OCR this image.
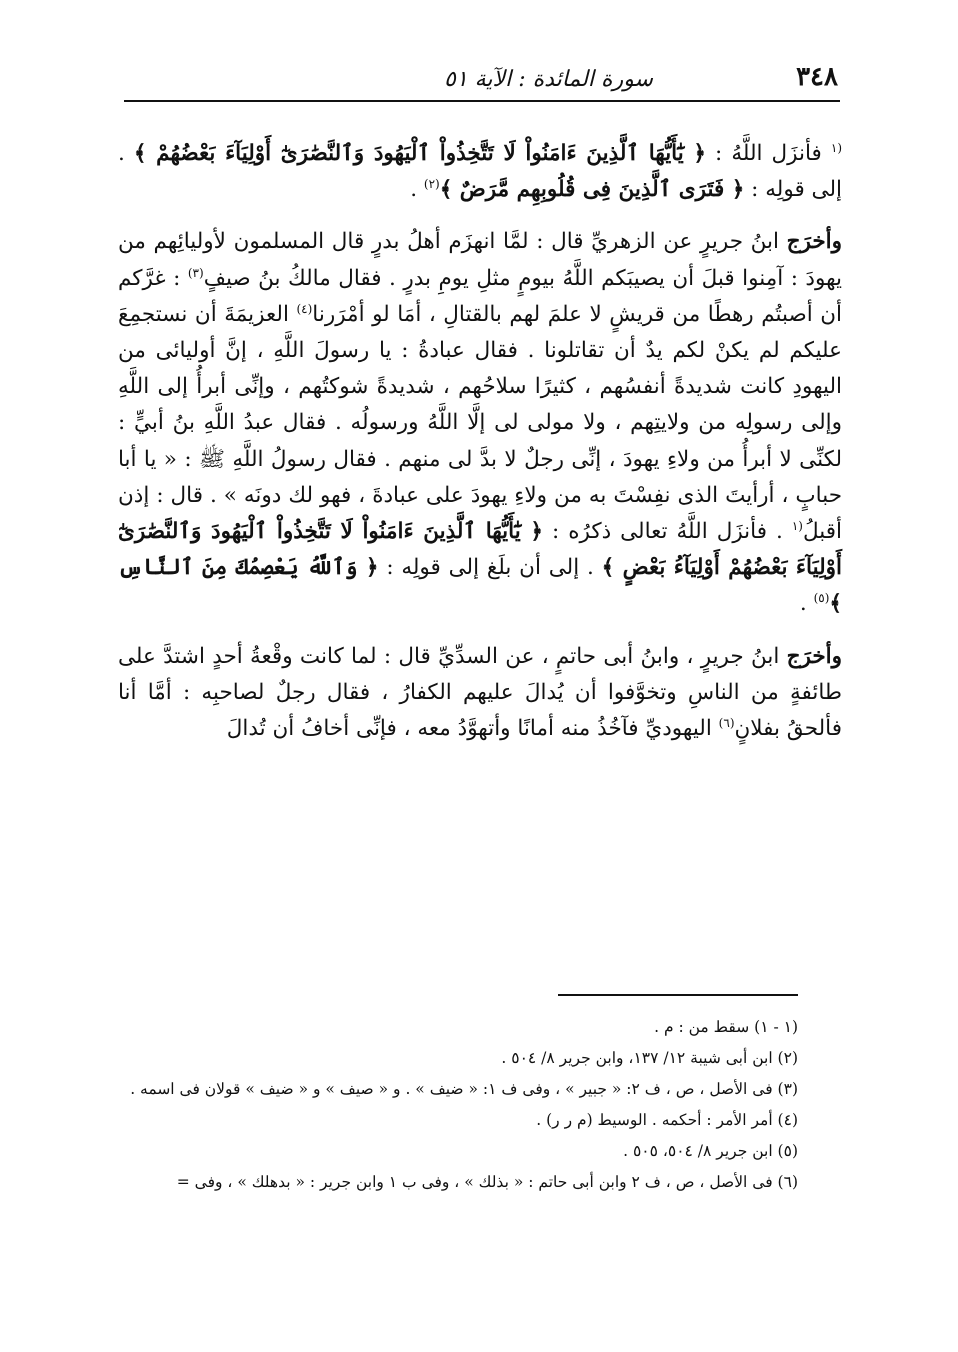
٣٤٨
سورة المائدة : الآية ٥١

$^{(١}$ فأنزَل اللَّهُ : ﴿ يَٰٓأَيُّهَا ٱلَّذِينَ ءَامَنُواْ لَا تَتَّخِذُواْ ٱلْيَهُودَ وَٱلنَّصَٰرَىٰٓ أَوْلِيَآءَ بَعْضُهُمْ ﴾ . إلى قولِه : ﴿ فَتَرَى ٱلَّذِينَ فِى قُلُوبِهِم مَّرَضٌ ﴾$^{(٢)}$ .

وأخرَج ابنُ جريرٍ عن الزهريِّ قال : لمَّا انهزَم أهلُ بدرٍ قال المسلمون لأوليائِهم من يهودَ : آمِنوا قبلَ أن يصيبَكم اللَّهُ بيومٍ مثلِ يومِ بدرٍ . فقال مالكُ بنُ صيفٍ$^{(٣)}$ : غرَّكم أن أصبتُم رهطًا من قريشٍ لا علمَ لهم بالقتالِ ، أمَا لو أمْرَرنا$^{(٤)}$ العزيمَةَ أن نستجمِعَ عليكم لم يكنْ لكم يدٌ أن تقاتلونا . فقال عبادةُ : يا رسولَ اللَّهِ ، إنَّ أوليائى من اليهودِ كانت شديدةً أنفسُهم ، كثيرًا سلاحُهم ، شديدةً شوكتُهم ، وإنِّى أبرأُ إلى اللَّهِ وإلى رسولِه من ولايتِهم ، ولا مولى لى إلَّا اللَّهُ ورسولُه . فقال عبدُ اللَّهِ بنُ أبيٍّ : لكنِّى لا أبرأُ من ولاءِ يهودَ ، إنِّى رجلٌ لا بدَّ لى منهم . فقال رسولُ اللَّهِ ﷺ : « يا أبا حبابٍ ، أرأيتَ الذى نفِسْتَ به من ولاءِ يهودَ على عبادةَ ، فهو لك دونَه » . قال : إذن أقبلُ$^{(١}$ . فأنزَل اللَّهُ تعالى ذكرُه : ﴿ يَٰٓأَيُّهَا ٱلَّذِينَ ءَامَنُواْ لَا تَتَّخِذُواْ ٱلْيَهُودَ وَٱلنَّصَٰرَىٰٓ أَوْلِيَآءَ بَعْضُهُمْ أَوْلِيَآءُ بَعْضٍ ﴾ . إلى أن بلَغ إلى قولِه : ﴿ وَٱللَّهُ يَعْصِمُكَ مِنَ ٱلنَّاسِ ﴾$^{(٥)}$ .

وأخرَج ابنُ جريرٍ ، وابنُ أبى حاتمٍ ، عن السدِّيِّ قال : لما كانت وقْعةُ أحدٍ اشتدَّ على طائفةٍ من الناسِ وتخوَّفوا أن يُدالَ عليهم الكفارُ ، فقال رجلٌ لصاحبِه : أمَّا أنا فألحقُ بفلانٍ$^{(٦)}$ اليهوديِّ فآخُذُ منه أمانًا وأتهوَّدُ معه ، فإنِّى أخافُ أن تُدالَ

(١ - ١) سقط من : م .
(٢) ابن أبى شيبة ١٢/ ١٣٧، وابن جرير ٨/ ٥٠٤ .
(٣) فى الأصل ، ص ، ف ٢: « جبير » ، وفى ف ١: « ضيف » . و « صيف » و « ضيف » قولان فى اسمه .
(٤) أمر الأمر : أحكمه . الوسيط (م ر ر) .
(٥) ابن جرير ٨/ ٥٠٤، ٥٠٥ .
(٦) فى الأصل ، ص ، ف ٢ وابن أبى حاتم : « بذلك » ، وفى ب ١ وابن جرير : « بدهلك » ، وفى =
